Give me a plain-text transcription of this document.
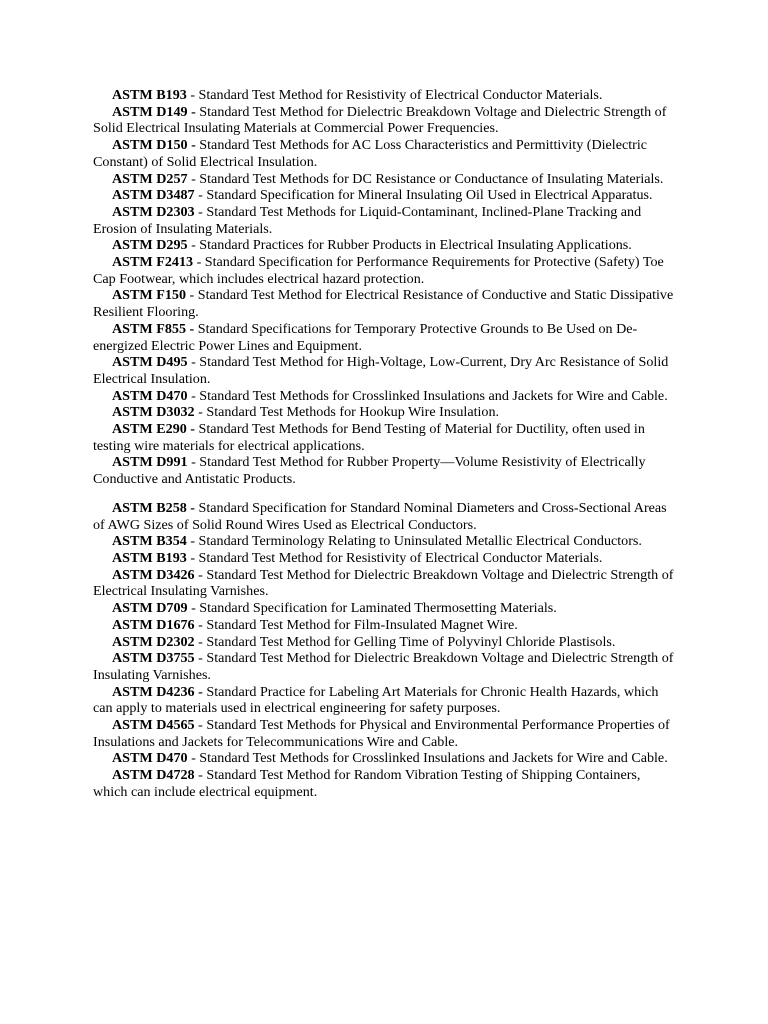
ASTM B193 - Standard Test Method for Resistivity of Electrical Conductor Materials.

ASTM D149 - Standard Test Method for Dielectric Breakdown Voltage and Dielectric Strength of Solid Electrical Insulating Materials at Commercial Power Frequencies.

ASTM D150 - Standard Test Methods for AC Loss Characteristics and Permittivity (Dielectric Constant) of Solid Electrical Insulation.

ASTM D257 - Standard Test Methods for DC Resistance or Conductance of Insulating Materials.

ASTM D3487 - Standard Specification for Mineral Insulating Oil Used in Electrical Apparatus.

ASTM D2303 - Standard Test Methods for Liquid-Contaminant, Inclined-Plane Tracking and Erosion of Insulating Materials.

ASTM D295 - Standard Practices for Rubber Products in Electrical Insulating Applications.

ASTM F2413 - Standard Specification for Performance Requirements for Protective (Safety) Toe Cap Footwear, which includes electrical hazard protection.

ASTM F150 - Standard Test Method for Electrical Resistance of Conductive and Static Dissipative Resilient Flooring.

ASTM F855 - Standard Specifications for Temporary Protective Grounds to Be Used on De-energized Electric Power Lines and Equipment.

ASTM D495 - Standard Test Method for High-Voltage, Low-Current, Dry Arc Resistance of Solid Electrical Insulation.

ASTM D470 - Standard Test Methods for Crosslinked Insulations and Jackets for Wire and Cable.

ASTM D3032 - Standard Test Methods for Hookup Wire Insulation.

ASTM E290 - Standard Test Methods for Bend Testing of Material for Ductility, often used in testing wire materials for electrical applications.

ASTM D991 - Standard Test Method for Rubber Property—Volume Resistivity of Electrically Conductive and Antistatic Products.

ASTM B258 - Standard Specification for Standard Nominal Diameters and Cross-Sectional Areas of AWG Sizes of Solid Round Wires Used as Electrical Conductors.

ASTM B354 - Standard Terminology Relating to Uninsulated Metallic Electrical Conductors.

ASTM B193 - Standard Test Method for Resistivity of Electrical Conductor Materials.

ASTM D3426 - Standard Test Method for Dielectric Breakdown Voltage and Dielectric Strength of Electrical Insulating Varnishes.

ASTM D709 - Standard Specification for Laminated Thermosetting Materials.

ASTM D1676 - Standard Test Method for Film-Insulated Magnet Wire.

ASTM D2302 - Standard Test Method for Gelling Time of Polyvinyl Chloride Plastisols.

ASTM D3755 - Standard Test Method for Dielectric Breakdown Voltage and Dielectric Strength of Insulating Varnishes.

ASTM D4236 - Standard Practice for Labeling Art Materials for Chronic Health Hazards, which can apply to materials used in electrical engineering for safety purposes.

ASTM D4565 - Standard Test Methods for Physical and Environmental Performance Properties of Insulations and Jackets for Telecommunications Wire and Cable.

ASTM D470 - Standard Test Methods for Crosslinked Insulations and Jackets for Wire and Cable.

ASTM D4728 - Standard Test Method for Random Vibration Testing of Shipping Containers, which can include electrical equipment.
